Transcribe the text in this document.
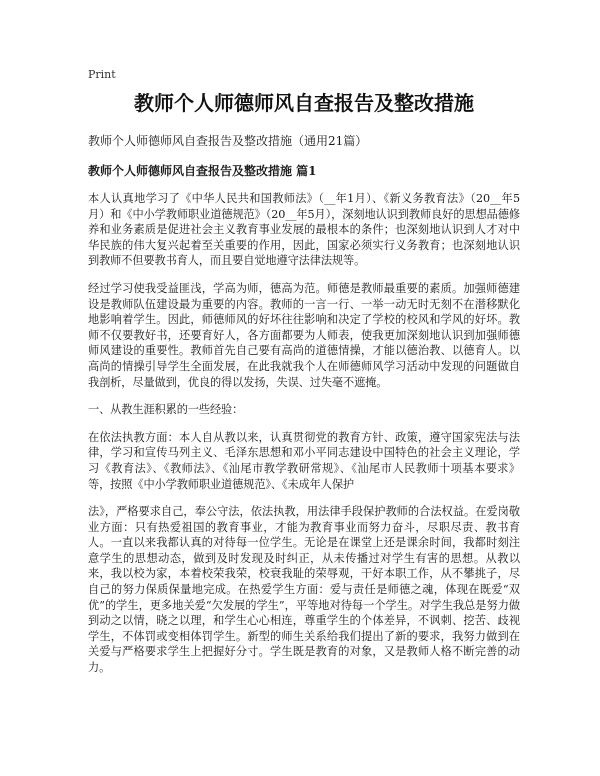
Print
教师个人师德师风自查报告及整改措施
教师个人师德师风自查报告及整改措施（通用21篇）
教师个人师德师风自查报告及整改措施 篇1

本人认真地学习了《中华人民共和国教师法》（__年1月）、《新义务教育法》（20__年5月）和《中小学教师职业道德规范》（20__年5月），深刻地认识到教师良好的思想品德修养和业务素质是促进社会主义教育事业发展的最根本的条件；也深刻地认识到人才对中华民族的伟大复兴起着至关重要的作用，因此，国家必须实行义务教育；也深刻地认识到教师不但要教书育人，而且要自觉地遵守法律法规等。

经过学习使我受益匪浅，学高为师，德高为范。师德是教师最重要的素质。加强师德建设是教师队伍建设最为重要的内容。教师的一言一行、一举一动无时无刻不在潜移默化地影响着学生。因此，师德师风的好坏往往影响和决定了学校的校风和学风的好坏。教师不仅要教好书，还要育好人，各方面都要为人师表，使我更加深刻地认识到加强师德师风建设的重要性。教师首先自己要有高尚的道德情操，才能以德治教、以德育人。以高尚的情操引导学生全面发展，在此我就我个人在师德师风学习活动中发现的问题做自我剖析，尽量做到，优良的得以发扬，失误、过失毫不遮掩。

一、从教生涯积累的一些经验：

在依法执教方面：本人自从教以来，认真贯彻党的教育方针、政策，遵守国家宪法与法律，学习和宣传马列主义、毛泽东思想和邓小平同志建设中国特色的社会主义理论，学习《教育法》、《教师法》、《汕尾市教学教研常规》、《汕尾市人民教师十项基本要求》等，按照《中小学教师职业道德规范》、《未成年人保护

法》，严格要求自己，奉公守法，依法执教，用法律手段保护教师的合法权益。在爱岗敬业方面：只有热爱祖国的教育事业，才能为教育事业而努力奋斗，尽职尽责、教书育人。一直以来我都认真的对待每一位学生。无论是在课堂上还是课余时间，我都时刻注意学生的思想动态，做到及时发现及时纠正，从未传播过对学生有害的思想。从教以来，我以校为家，本着校荣我荣，校衰我耻的荣辱观，干好本职工作，从不攀挑子，尽自己的努力保质保量地完成。在热爱学生方面：爱与责任是师德之魂，体现在既爱“双优”的学生，更多地关爱“欠发展的学生”，平等地对待每一个学生。对学生我总是努力做到动之以情，晓之以理，和学生心心相连，尊重学生的个体差异，不讽刺、挖苦、歧视学生，不体罚或变相体罚学生。新型的师生关系给我们提出了新的要求，我努力做到在关爱与严格要求学生上把握好分寸。学生既是教育的对象，又是教师人格不断完善的动力。
